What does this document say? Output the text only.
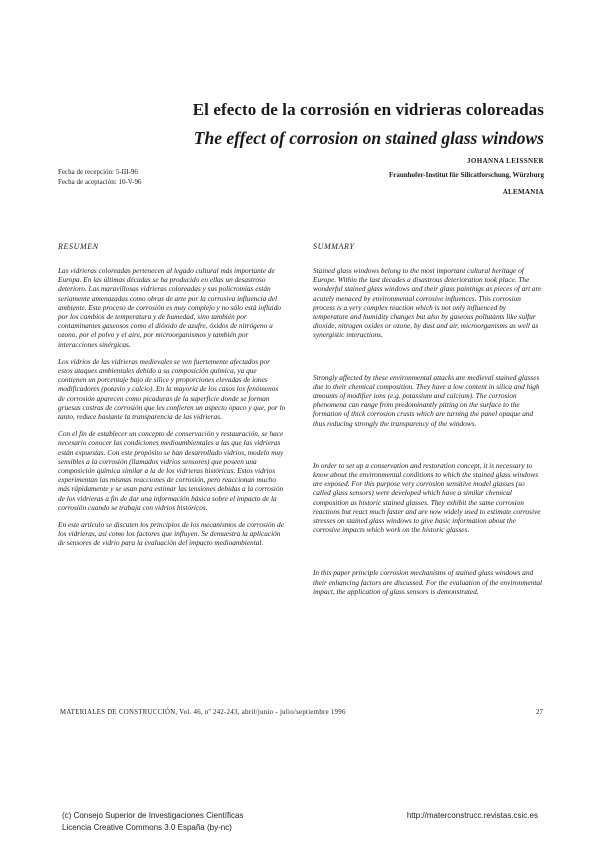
El efecto de la corrosión en vidrieras coloreadas
The effect of corrosion on stained glass windows
JOHANNA LEISSNER
Fraunhofer-Institut für Silicatforschung, Würzburg
ALEMANIA
Fecha de recepción: 5-III-96
Fecha de aceptación: 10-V-96
RESUMEN

Las vidrieras coloreadas pertenecen al legado cultural más importante de Europa. En las últimas décadas se ha producido en ellas un desastroso deterioro. Las maravillosas vidrieras coloreadas y sus policromías están seriamente amenazadas como obras de arte por la corrosiva influencia del ambiente. Este proceso de corrosión es muy complejo y no sólo está influido por los cambios de temperatura y de humedad, sino también por contaminantes gaseosos como el dióxido de azufre, óxidos de nitrógeno u ozono, por el polvo y el aire, por microorganismos y también por interacciones sinérgicas.

Los vidrios de las vidrieras medievales se ven fuertemente afectados por estos ataques ambientales debido a su composición química, ya que contienen un porcentaje bajo de sílice y proporciones elevadas de iones modificadores (potasio y calcio). En la mayoría de los casos los fenómenos de corrosión aparecen como picaduras de la superficie donde se forman gruesas costras de corrosión que les confieren un aspecto opaco y que, por lo tanto, reduce bastante la transparencia de las vidrieras.

Con el fin de establecer un concepto de conservación y restauración, se hace necesario conocer las condiciones medioambientales a las que las vidrieras están expuestas. Con este propósito se han desarrollado vidrios, modelo muy sensibles a la corrosión (llamados vidrios sensores) que poseen una composición química similar a la de los vidrieras históricas. Estos vidrios experimentan las mismas reacciones de corrosión, pero reaccionan mucho más rápidamente y se usan para estimar las tensiones debidas a la corrosión de los vidrieras a fin de dar una información básica sobre el impacto de la corrosión cuando se trabaja con vidrios históricos.

En este artículo se discuten los principios de los mecanismos de corrosión de los vidrieras, así como los factores que influyen. Se demuestra la aplicación de sensores de vidrio para la evaluación del impacto medioambiental.

SUMMARY

Stained glass windows belong to the most important cultural heritage of Europe. Within the last decades a disastrous deterioration took place. The wonderful stained glass windows and their glass paintings as pieces of art are acutely menaced by environmental corrosive influences. This corrosion process is a very complex reaction which is not only influenced by temperature and humidity changes but also by gaseous pollutants like sulfur dioxide, nitrogen oxides or ozone, by dust and air, microorganisms as well as synergistic interactions.

Strongly affected by these environmental attacks are medieval stained glasses due to their chemical composition. They have a low content in silica and high amounts of modifier ions (e.g. potassium and calcium). The corrosion phenomena can range from predominantly pitting on the surface to the formation of thick corrosion crusts which are turning the panel opaque and thus reducing strongly the transparency of the windows.

In order to set up a conservation and restoration concept, it is necessary to know about the environmental conditions to which the stained glass windows are exposed. For this purpose very corrosion sensitive model glasses (so called glass sensors) were developed which have a similar chemical composition as historic stained glasses. They exhibit the same corrosion reactions but react much faster and are now widely used to estimate corrosive stresses on stained glass windows to give basic information about the corrosive impacts which work on the historic glasses.

In this paper principle corrosion mechanisms of stained glass windows and their enhancing factors are discussed. For the evaluation of the environmental impact, the application of glass sensors is demonstrated.

MATERIALES DE CONSTRUCCIÓN, Vol. 46, nº 242-243, abril/junio - julio/septiembre 1996	27
(c) Consejo Superior de Investigaciones Científicas
Licencia Creative Commons 3.0 España (by-nc)
http://materconstrucc.revistas.csic.es
